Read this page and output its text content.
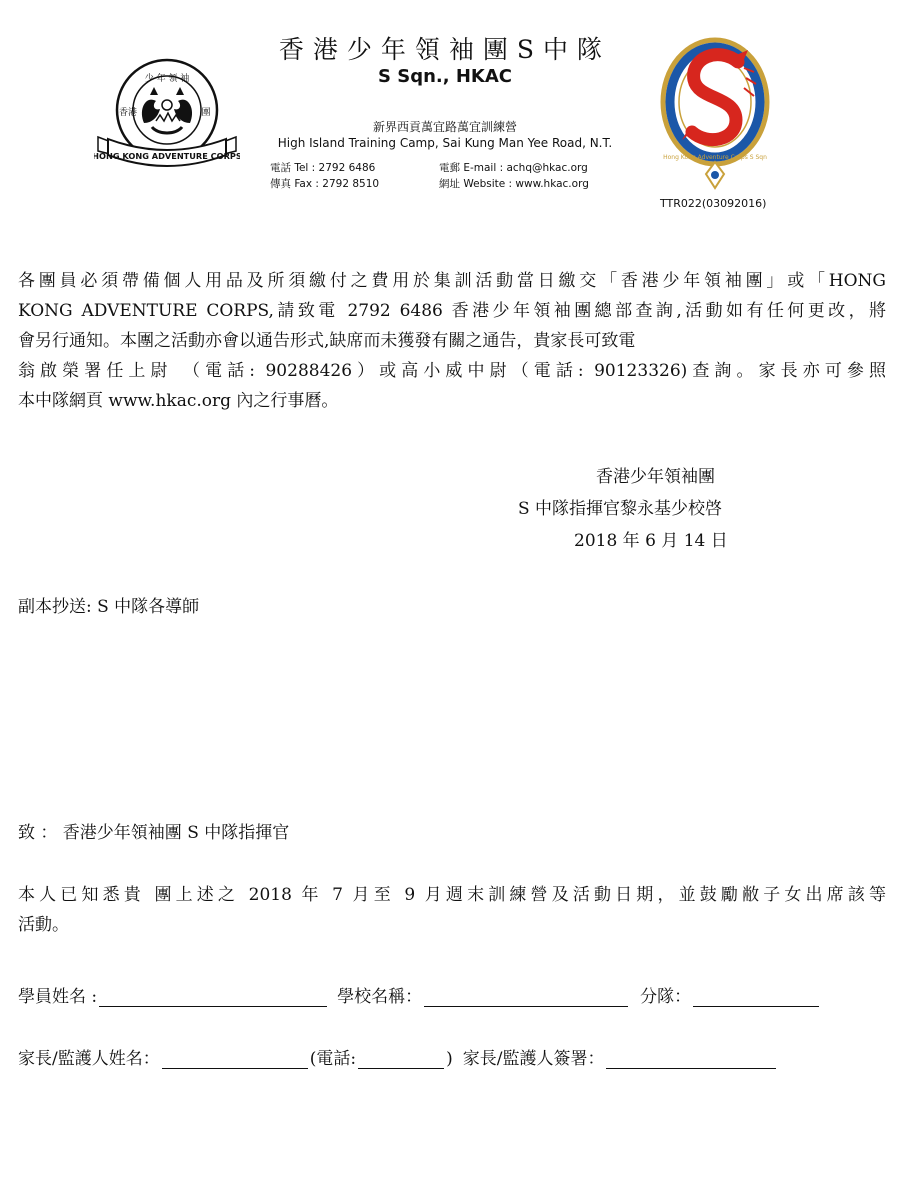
少 年 領 袖
香港	團
HONG KONG ADVENTURE CORPS
香港少年領袖團S中隊
S Sqn., HKAC
新界西貢萬宜路萬宜訓練營
High Island Training Camp, Sai Kung Man Yee Road, N.T.
電話 Tel : 2792 6486
傳真 Fax : 2792 8510
電郵 E-mail : achq@hkac.org
網址 Website : www.hkac.org
Hong Kong Adventure Corps S Sqn
TTR022(03092016)
各團員必須帶備個人用品及所須繳付之費用於集訓活動當日繳交「香港少年領袖團」或「HONG
KONG ADVENTURE CORPS,請致電 2792 6486 香港少年領袖團總部查詢,活動如有任何更改，將
會另行通知。本團之活動亦會以通告形式,缺席而未獲發有關之通告，貴家長可致電
翁啟榮署任上尉 （電話: 90288426）或高小威中尉（電話: 90123326)查詢。家長亦可參照
本中隊網頁 www.hkac.org 內之行事曆。
香港少年領袖團
S 中隊指揮官黎永基少校啓
2018 年 6 月 14 日
副本抄送: S 中隊各導師
致 ： 香港少年領袖團 S 中隊指揮官
本人已知悉貴 團上述之 2018 年 7 月至 9 月週末訓練營及活動日期，並鼓勵敝子女出席該等
活動。
學員姓名 :	學校名稱：	分隊：
家長/監護人姓名：	(電話:	) 家長/監護人簽署：
